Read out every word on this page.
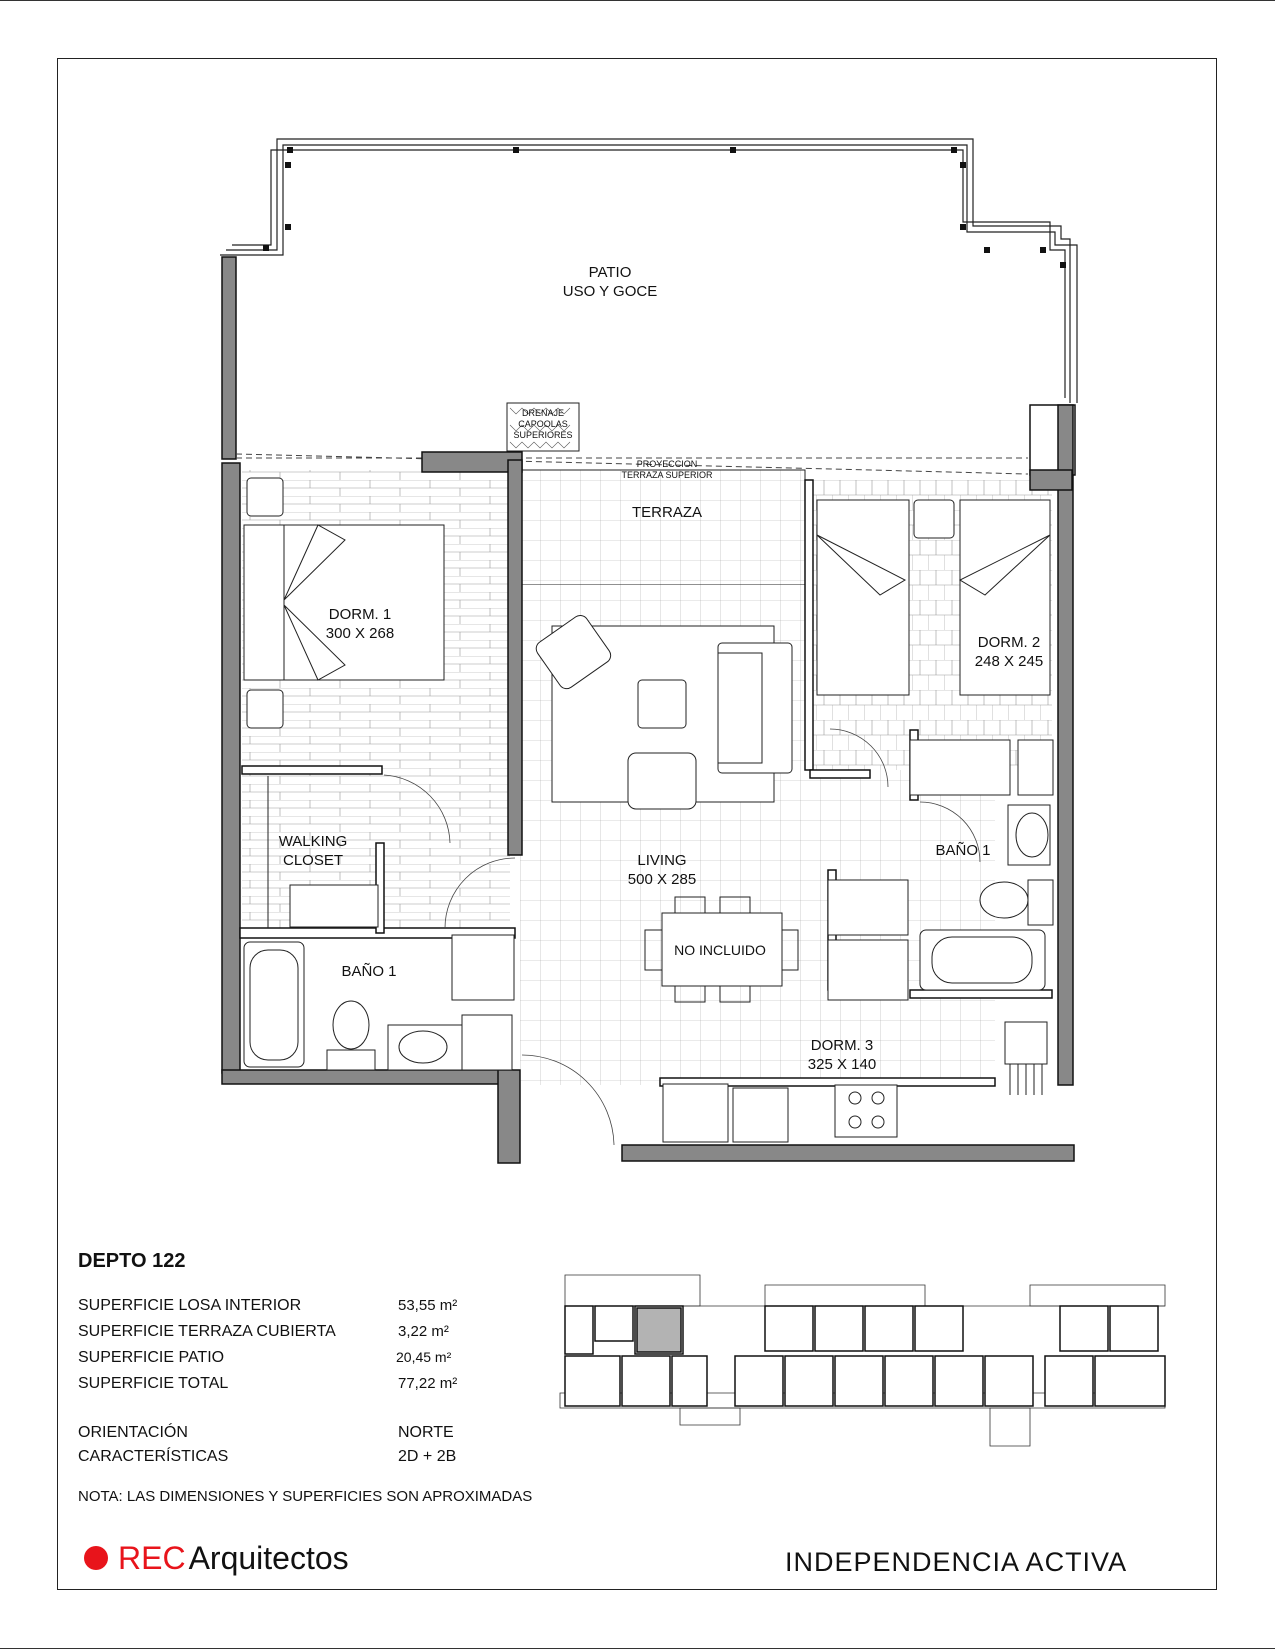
PATIO
USO Y GOCE
TERRAZA
DORM. 1
300 X 268
DORM. 2
248 X 245
WALKING
CLOSET	LIVING
500 X 285
BAÑO 1
BAÑO 1
DORM. 3
325 X 140
NO INCLUIDO
DRENAJE
CAPOOLAS
SUPERIORES
PROYECCION
TERRAZA SUPERIOR
DEPTO 122
SUPERFICIE LOSA INTERIOR	53,55 m²
SUPERFICIE TERRAZA CUBIERTA	3,22 m²
SUPERFICIE PATIO	20,45 m²
SUPERFICIE TOTAL	77,22 m²
ORIENTACIÓN	NORTE
CARACTERÍSTICAS	2D + 2B
NOTA: LAS DIMENSIONES Y SUPERFICIES SON APROXIMADAS
REC Arquitectos	INDEPENDENCIA ACTIVA
